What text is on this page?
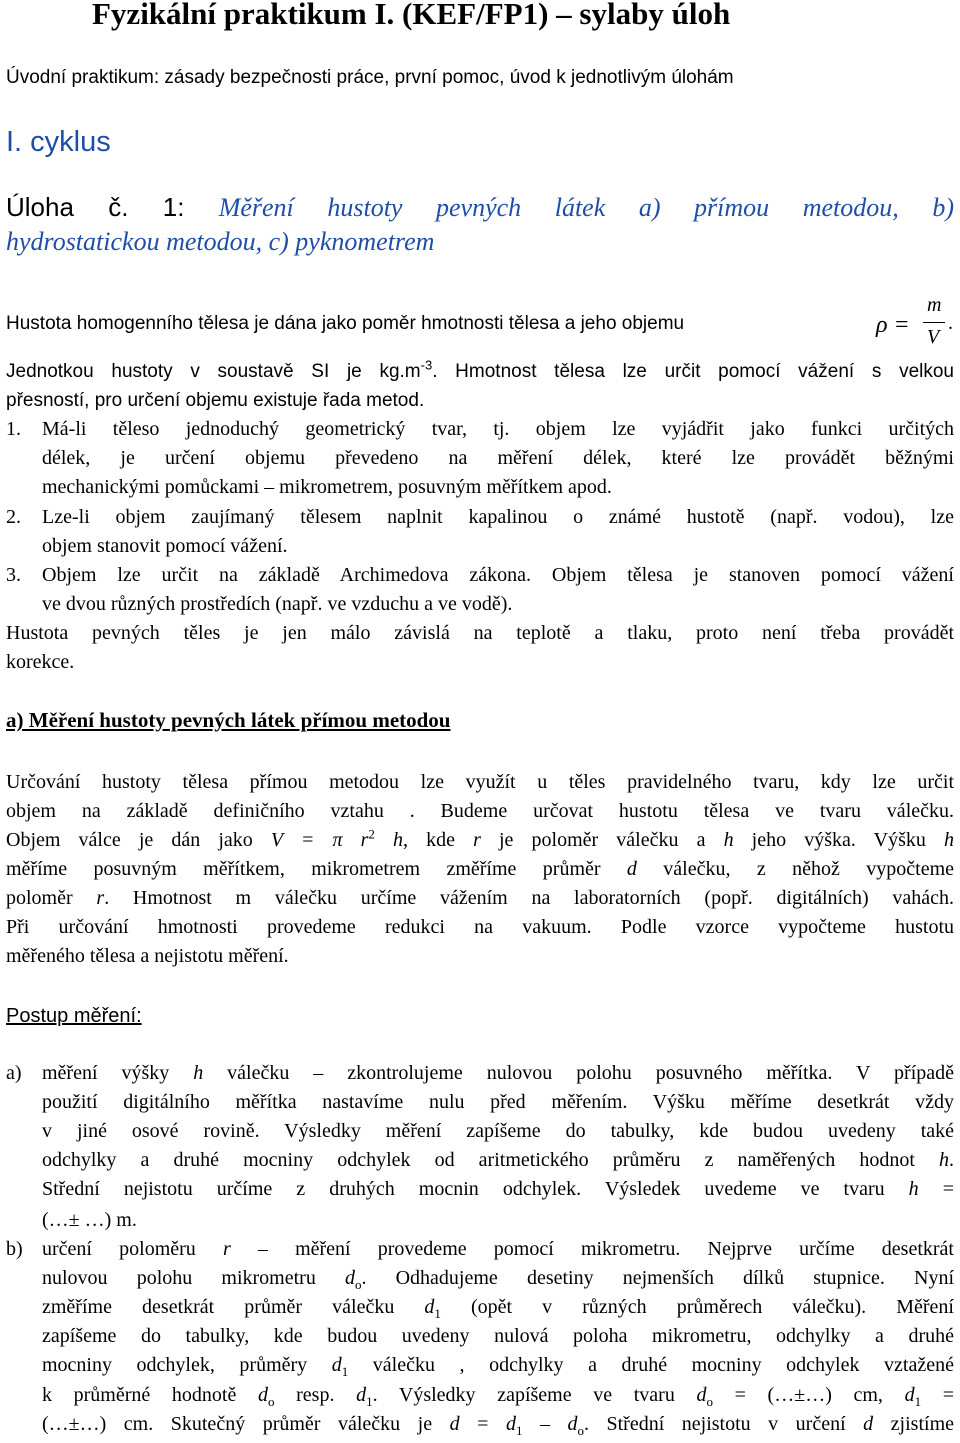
Fyzikální praktikum I. (KEF/FP1) – sylaby úloh
Úvodní praktikum: zásady bezpečnosti práce, první pomoc, úvod k jednotlivým úlohám
I. cyklus
Úloha č. 1: Měření hustoty pevných látek a) přímou metodou, b)
hydrostatickou metodou, c) pyknometrem
Hustota homogenního tělesa je dána jako poměr hmotnosti tělesa a jeho objemu	ρ =
m
V
.
Jednotkou hustoty v soustavě SI je $kg.m^{-3}$. Hmotnost tělesa lze určit pomocí vážení s velkou
přesností, pro určení objemu existuje řada metod.
1. Má-li těleso jednoduchý geometrický tvar, tj. objem lze vyjádřit jako funkci určitých
délek, je určení objemu převedeno na měření délek, které lze provádět běžnými
mechanickými pomůckami – mikrometrem, posuvným měřítkem apod.
2. Lze-li objem zaujímaný tělesem naplnit kapalinou o známé hustotě (např. vodou), lze
objem stanovit pomocí vážení.
3. Objem lze určit na základě Archimedova zákona. Objem tělesa je stanoven pomocí vážení
ve dvou různých prostředích (např. ve vzduchu a ve vodě).
Hustota pevných těles je jen málo závislá na teplotě a tlaku, proto není třeba provádět
korekce.
a) Měření hustoty pevných látek přímou metodou
Určování hustoty tělesa přímou metodou lze využít u těles pravidelného tvaru, kdy lze určit
objem na základě definičního vztahu . Budeme určovat hustotu tělesa ve tvaru válečku.
Objem válce je dán jako V = π $r^2$ h, kde r je poloměr válečku a h jeho výška. Výšku h
měříme posuvným měřítkem, mikrometrem změříme průměr d válečku, z něhož vypočteme
poloměr r. Hmotnost m válečku určíme vážením na laboratorních (popř. digitálních) vahách.
Při určování hmotnosti provedeme redukci na vakuum. Podle vzorce vypočteme hustotu
měřeného tělesa a nejistotu měření.
Postup měření:
a) měření výšky h válečku – zkontrolujeme nulovou polohu posuvného měřítka. V případě
použití digitálního měřítka nastavíme nulu před měřením. Výšku měříme desetkrát vždy
v jiné osové rovině. Výsledky měření zapíšeme do tabulky, kde budou uvedeny také
odchylky a druhé mocniny odchylek od aritmetického průměru z naměřených hodnot h.
Střední nejistotu určíme z druhých mocnin odchylek. Výsledek uvedeme ve tvaru h =
(…± …) m.
b) určení poloměru r – měření provedeme pomocí mikrometru. Nejprve určíme desetkrát
nulovou polohu mikrometru $d_o$. Odhadujeme desetiny nejmenších dílků stupnice. Nyní
změříme desetkrát průměr válečku $d_1$ (opět v různých průměrech válečku). Měření
zapíšeme do tabulky, kde budou uvedeny nulová poloha mikrometru, odchylky a druhé
mocniny odchylek, průměry $d_1$ válečku , odchylky a druhé mocniny odchylek vztažené
k průměrné hodnotě $d_o$ resp. $d_1$. Výsledky zapíšeme ve tvaru $d_o$ = (…±…) cm, $d_1$ =
(…±…) cm. Skutečný průměr válečku je $d = d_1 - d_o$. Střední nejistotu v určení d zjistíme
